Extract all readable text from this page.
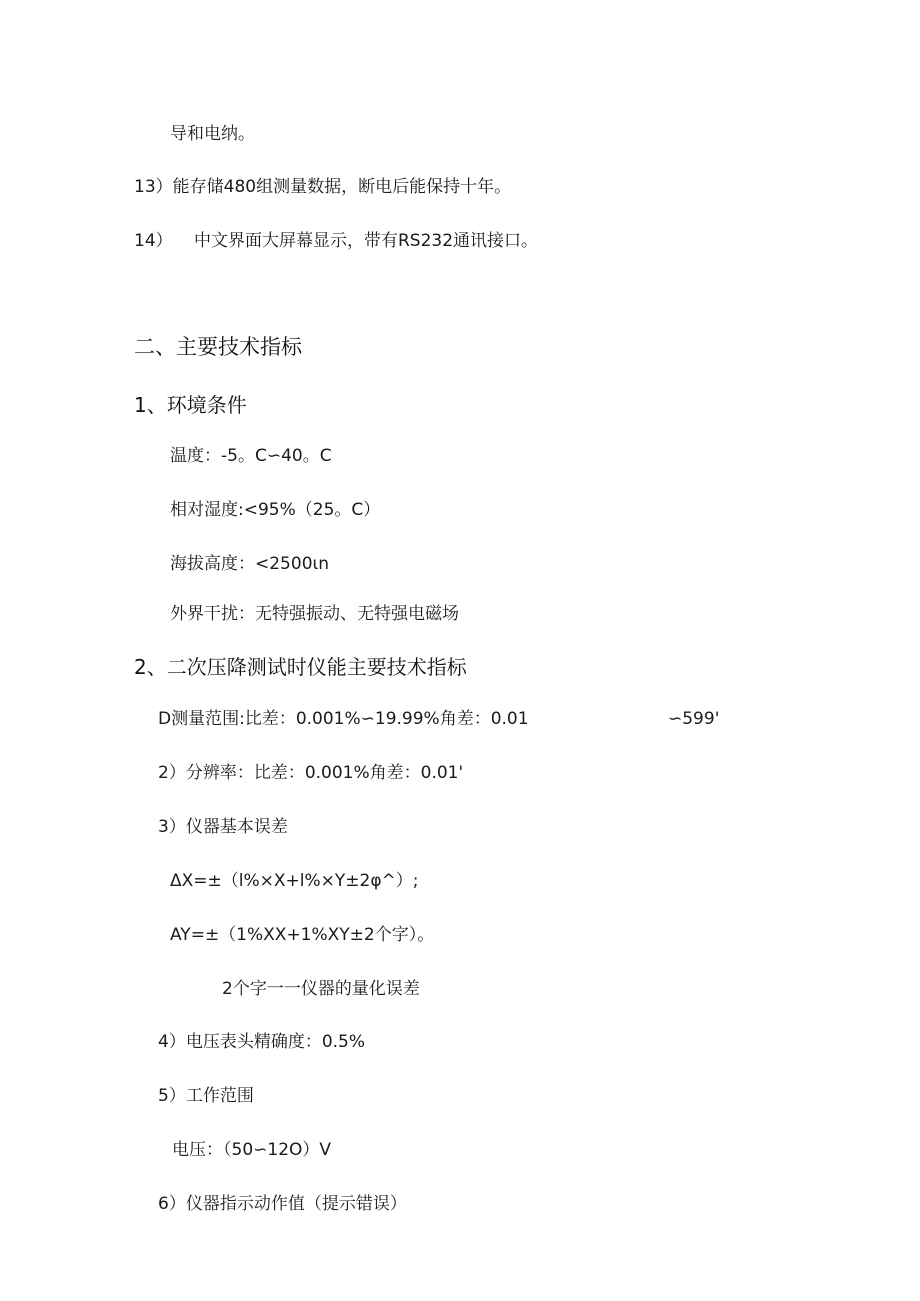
导和电纳。
13）能存储480组测量数据，断电后能保持十年。
14） 中文界面大屏幕显示，带有RS232通讯接口。
二、主要技术指标
1、环境条件
温度：-5。C∽40。C
相对湿度:<95%（25。C）
海拔高度：<2500ιn
外界干扰：无特强振动、无特强电磁场
2、二次压降测试时仪能主要技术指标
D测量范围:比差：0.001%∽19.99%角差：0.01	∽599'
2）分辨率：比差：0.001%角差：0.01'
3）仪器基本误差
ΔX=±（l%×X+l%×Y±2φ^）;
AY=±（1%XX+1%XY±2个字）。
2个字一一仪器的量化误差
4）电压表头精确度：0.5%
5）工作范围
电压：（50∽12O）V
6）仪器指示动作值（提示错误）
